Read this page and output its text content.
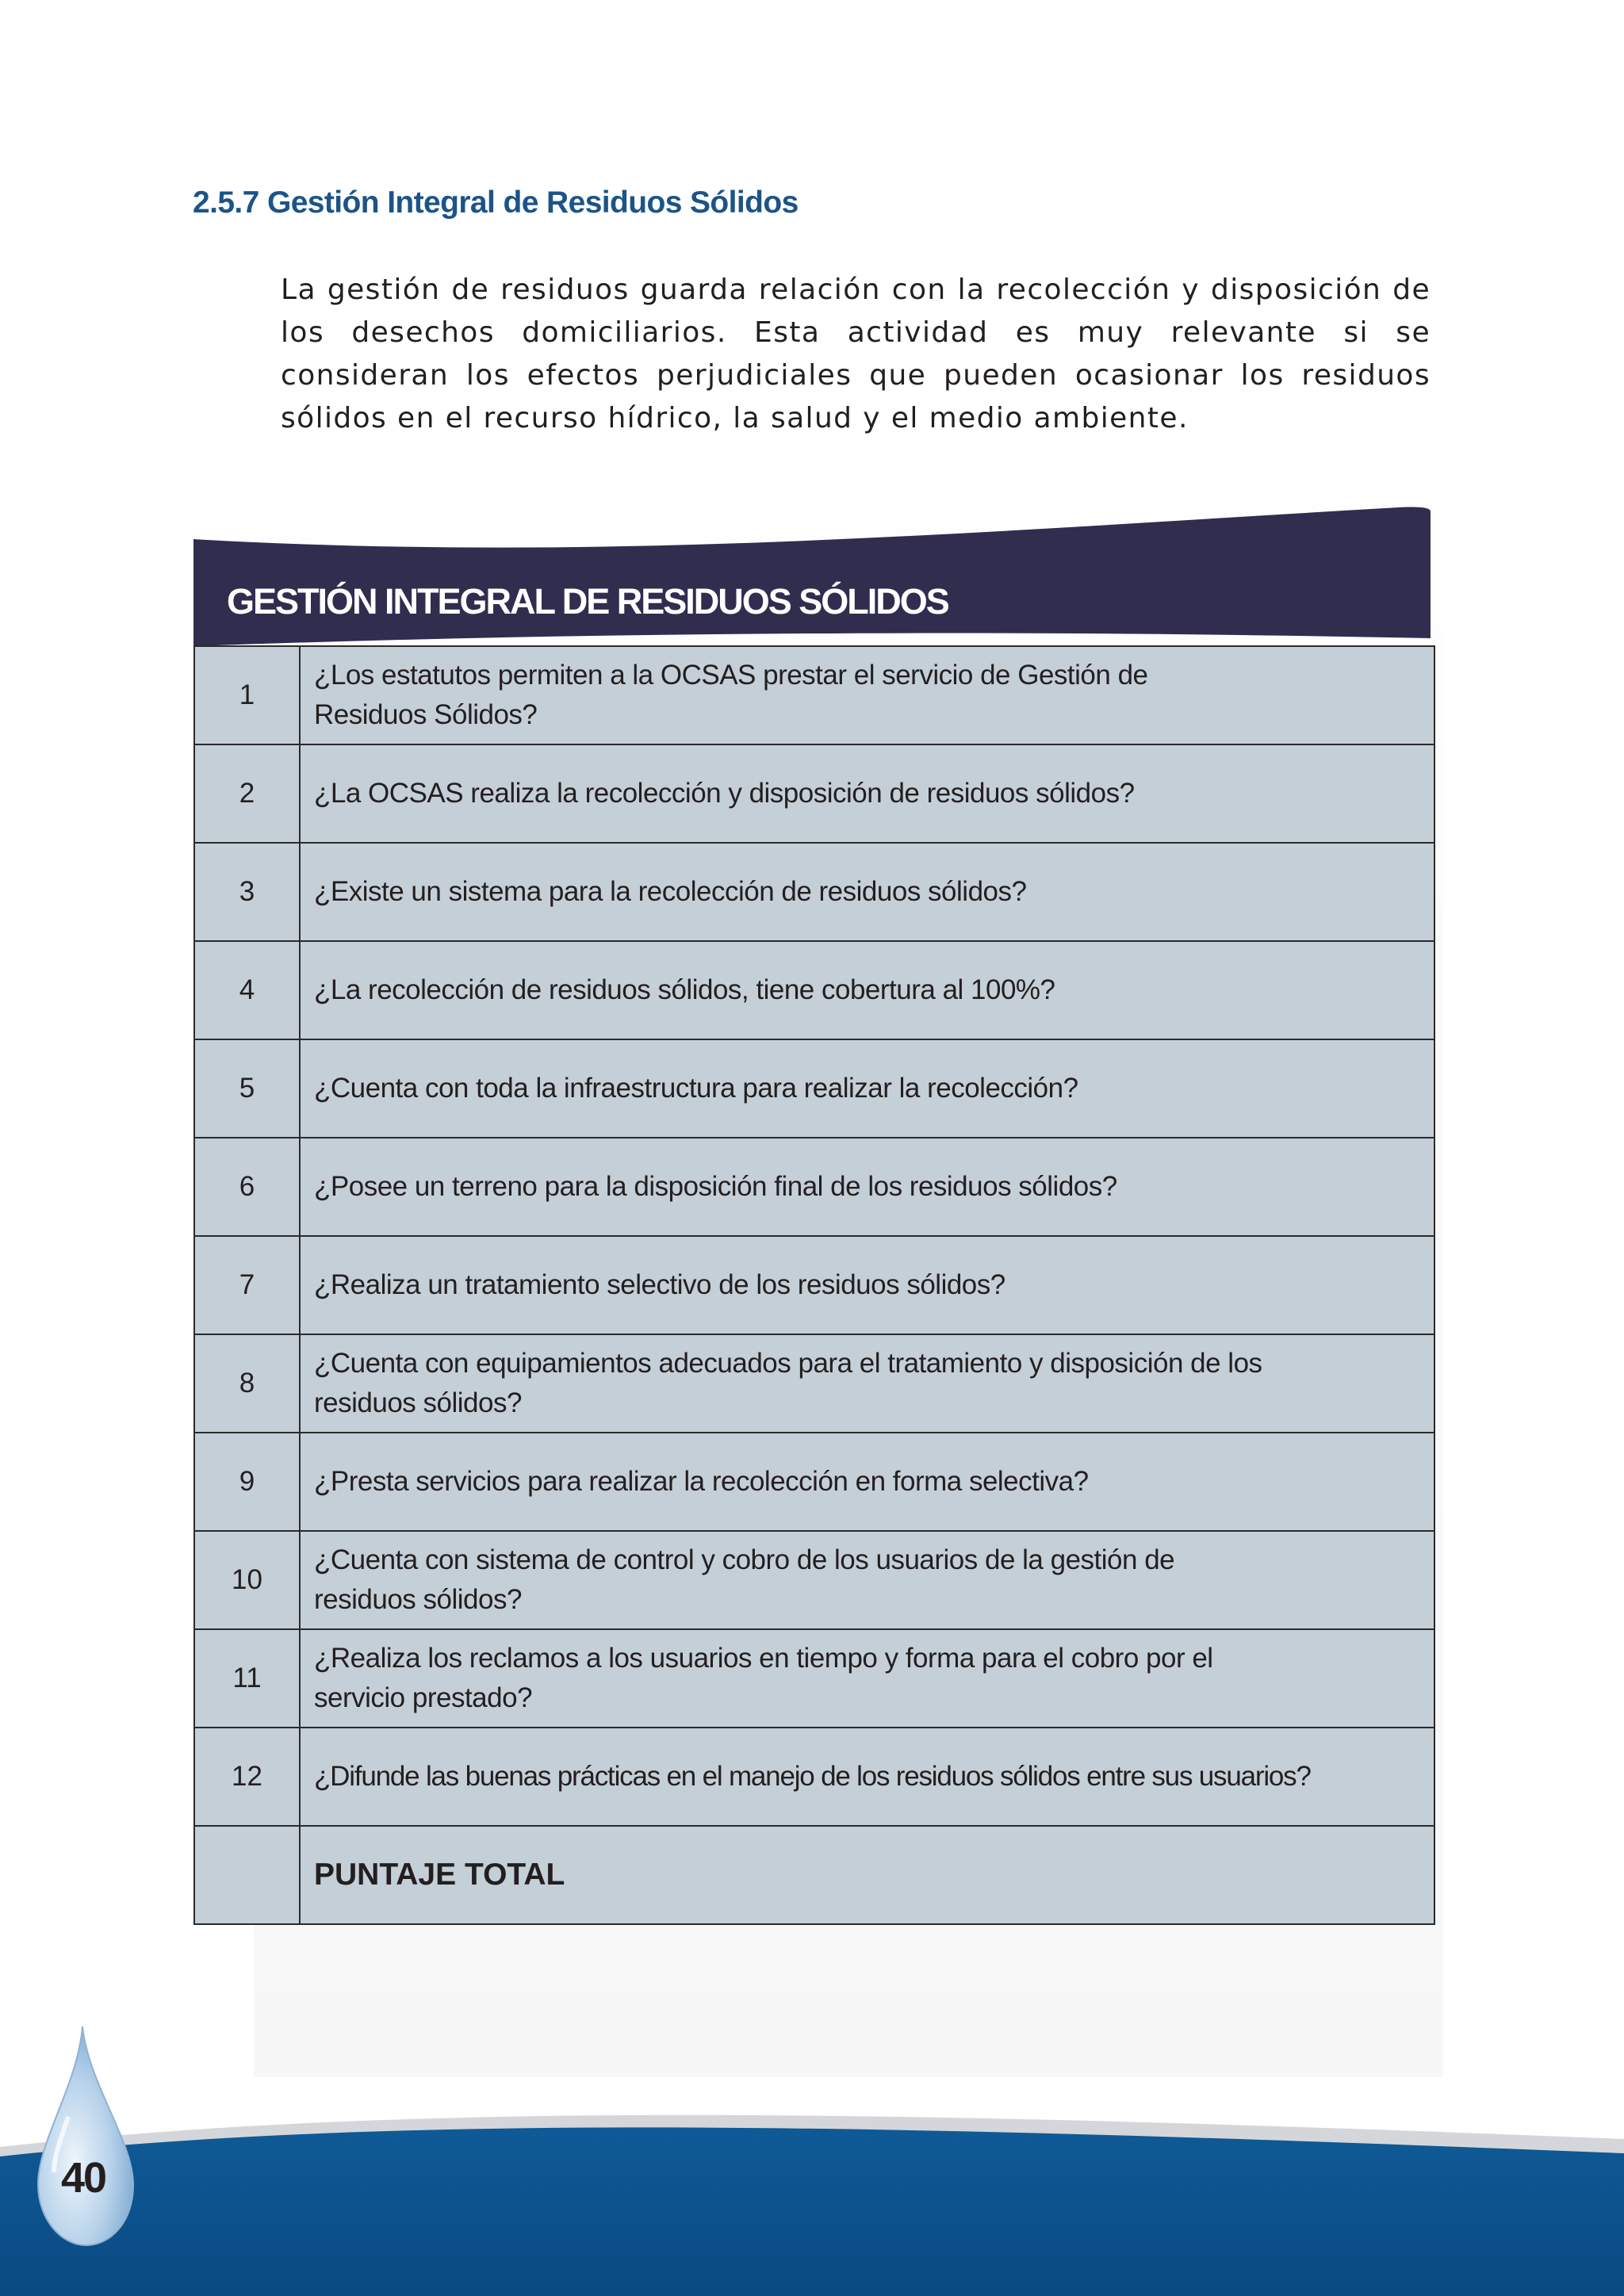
2.5.7 Gestión Integral de Residuos Sólidos

La gestión de residuos guarda relación con la recolección y disposición de los desechos domiciliarios. Esta actividad es muy relevante si se consideran los efectos perjudiciales que pueden ocasionar los residuos sólidos en el recurso hídrico, la salud y el medio ambiente.

GESTIÓN INTEGRAL DE RESIDUOS SÓLIDOS
1	¿Los estatutos permiten a la OCSAS prestar el servicio de Gestión de Residuos Sólidos?

2	¿La OCSAS realiza la recolección y disposición de residuos sólidos?
3	¿Existe un sistema para la recolección de residuos sólidos?
4	¿La recolección de residuos sólidos, tiene cobertura al 100%?
5	¿Cuenta con toda la infraestructura para realizar la recolección?
6	¿Posee un terreno para la disposición final de los residuos sólidos?
7	¿Realiza un tratamiento selectivo de los residuos sólidos?
8	¿Cuenta con equipamientos adecuados para el tratamiento y disposición de los residuos sólidos?

9	¿Presta servicios para realizar la recolección en forma selectiva?
10	¿Cuenta con sistema de control y cobro de los usuarios de la gestión de residuos sólidos?

11	¿Realiza los reclamos a los usuarios en tiempo y forma para el cobro por el servicio prestado?

12	¿Difunde las buenas prácticas en el manejo de los residuos sólidos entre sus usuarios?
	PUNTAJE TOTAL
40
